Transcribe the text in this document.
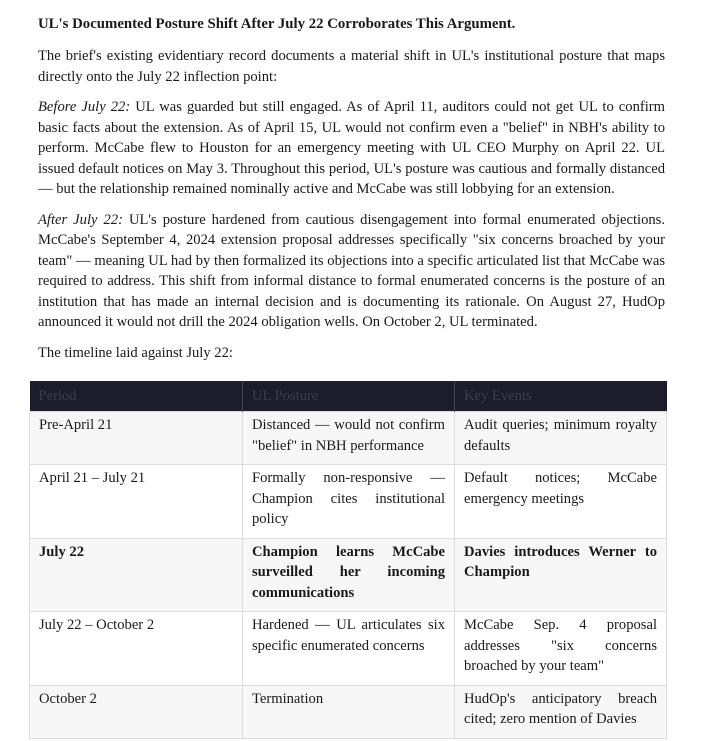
UL's Documented Posture Shift After July 22 Corroborates This Argument.

The brief's existing evidentiary record documents a material shift in UL's institutional posture that maps directly onto the July 22 inflection point:

Before July 22: UL was guarded but still engaged. As of April 11, auditors could not get UL to confirm basic facts about the extension. As of April 15, UL would not confirm even a "belief" in NBH's ability to perform. McCabe flew to Houston for an emergency meeting with UL CEO Murphy on April 22. UL issued default notices on May 3. Throughout this period, UL's posture was cautious and formally distanced — but the relationship remained nominally active and McCabe was still lobbying for an extension.

After July 22: UL's posture hardened from cautious disengagement into formal enumerated objections. McCabe's September 4, 2024 extension proposal addresses specifically "six concerns broached by your team" — meaning UL had by then formalized its objections into a specific articulated list that McCabe was required to address. This shift from informal distance to formal enumerated concerns is the posture of an institution that has made an internal decision and is documenting its rationale. On August 27, HudOp announced it would not drill the 2024 obligation wells. On October 2, UL terminated.

The timeline laid against July 22:

Period	UL Posture	Key Events
Pre-April 21	Distanced — would not confirm "belief" in NBH performance	Audit queries; minimum royalty defaults
April 21 – July 21	Formally non-responsive — Champion cites institutional policy	Default notices; McCabe emergency meetings
July 22	Champion learns McCabe surveilled her incoming communications	Davies introduces Werner to Champion
July 22 – October 2	Hardened — UL articulates six specific enumerated concerns	McCabe Sep. 4 proposal addresses "six concerns broached by your team"
October 2	Termination	HudOp's anticipatory breach cited; zero mention of Davies
